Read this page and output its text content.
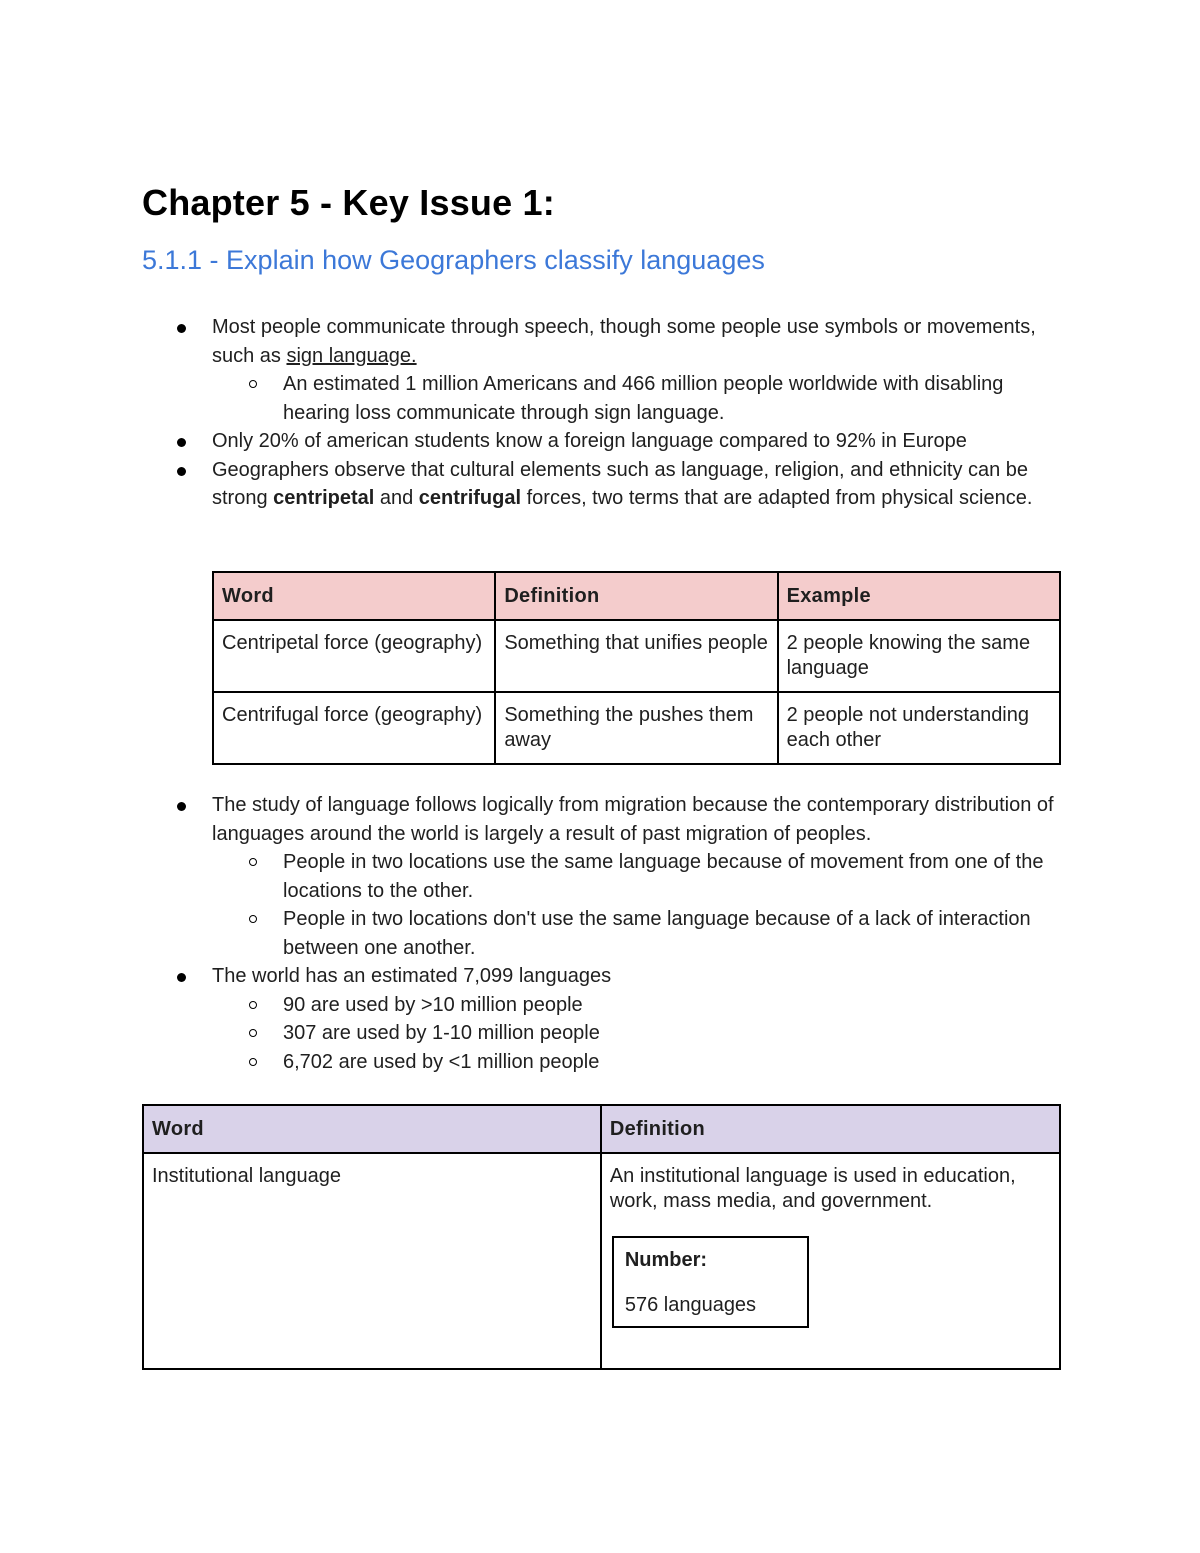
Chapter 5 - Key Issue 1:
5.1.1 - Explain how Geographers classify languages
Most people communicate through speech, though some people use symbols or movements, such as sign language.
An estimated 1 million Americans and 466 million people worldwide with disabling hearing loss communicate through sign language.
Only 20% of american students know a foreign language compared to 92% in Europe
Geographers observe that cultural elements such as language, religion, and ethnicity can be strong centripetal and centrifugal forces, two terms that are adapted from physical science.
Word	Definition	Example
Centripetal force (geography)	Something that unifies people	2 people knowing the same language
Centrifugal force (geography)	Something the pushes them away	2 people not understanding each other
The study of language follows logically from migration because the contemporary distribution of languages around the world is largely a result of past migration of peoples.
People in two locations use the same language because of movement from one of the locations to the other.
People in two locations don't use the same language because of a lack of interaction between one another.
The world has an estimated 7,099 languages
90 are used by >10 million people
307 are used by 1-10 million people
6,702 are used by <1 million people
Word	Definition
Institutional language	An institutional language is used in education, work, mass media, and government.
Number:
576 languages
